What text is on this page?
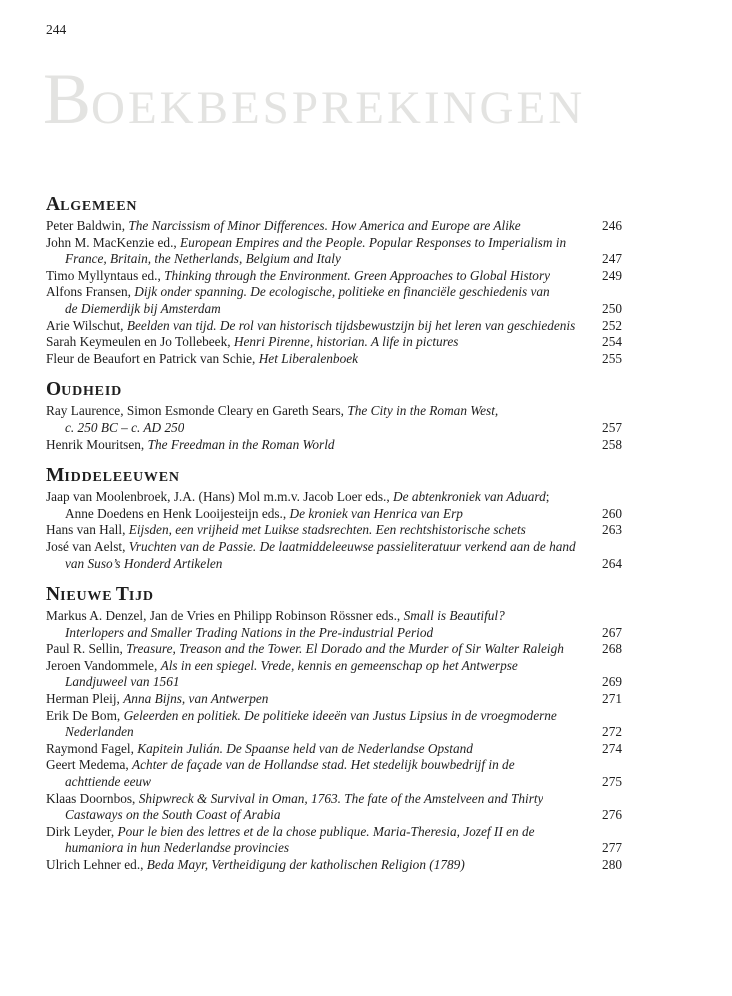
244
BOEKBESPREKINGEN
ALGEMEEN
Peter Baldwin, The Narcissism of Minor Differences. How America and Europe are Alike	246
John M. MacKenzie ed., European Empires and the People. Popular Responses to Imperialism in
France, Britain, the Netherlands, Belgium and Italy	247
Timo Myllyntaus ed., Thinking through the Environment. Green Approaches to Global History	249
Alfons Fransen, Dijk onder spanning. De ecologische, politieke en financiële geschiedenis van
de Diemerdijk bij Amsterdam	250
Arie Wilschut, Beelden van tijd. De rol van historisch tijdsbewustzijn bij het leren van geschiedenis	252
Sarah Keymeulen en Jo Tollebeek, Henri Pirenne, historian. A life in pictures	254
Fleur de Beaufort en Patrick van Schie, Het Liberalenboek	255
OUDHEID
Ray Laurence, Simon Esmonde Cleary en Gareth Sears, The City in the Roman West,
c. 250 BC – c. AD 250	257
Henrik Mouritsen, The Freedman in the Roman World	258
MIDDELEEUWEN
Jaap van Moolenbroek, J.A. (Hans) Mol m.m.v. Jacob Loer eds., De abtenkroniek van Aduard;
Anne Doedens en Henk Looijesteijn eds., De kroniek van Henrica van Erp	260
Hans van Hall, Eijsden, een vrijheid met Luikse stadsrechten. Een rechtshistorische schets	263
José van Aelst, Vruchten van de Passie. De laatmiddeleeuwse passieliteratuur verkend aan de hand
van Suso’s Honderd Artikelen	264
NIEUWE TIJD
Markus A. Denzel, Jan de Vries en Philipp Robinson Rössner eds., Small is Beautiful?
Interlopers and Smaller Trading Nations in the Pre-industrial Period	267
Paul R. Sellin, Treasure, Treason and the Tower. El Dorado and the Murder of Sir Walter Raleigh	268
Jeroen Vandommele, Als in een spiegel. Vrede, kennis en gemeenschap op het Antwerpse
Landjuweel van 1561	269
Herman Pleij, Anna Bijns, van Antwerpen	271
Erik De Bom, Geleerden en politiek. De politieke ideeën van Justus Lipsius in de vroegmoderne
Nederlanden	272
Raymond Fagel, Kapitein Julián. De Spaanse held van de Nederlandse Opstand	274
Geert Medema, Achter de façade van de Hollandse stad. Het stedelijk bouwbedrijf in de
achttiende eeuw	275
Klaas Doornbos, Shipwreck & Survival in Oman, 1763. The fate of the Amstelveen and Thirty
Castaways on the South Coast of Arabia	276
Dirk Leyder, Pour le bien des lettres et de la chose publique. Maria-Theresia, Jozef II en de
humaniora in hun Nederlandse provincies	277
Ulrich Lehner ed., Beda Mayr, Vertheidigung der katholischen Religion (1789)	280
